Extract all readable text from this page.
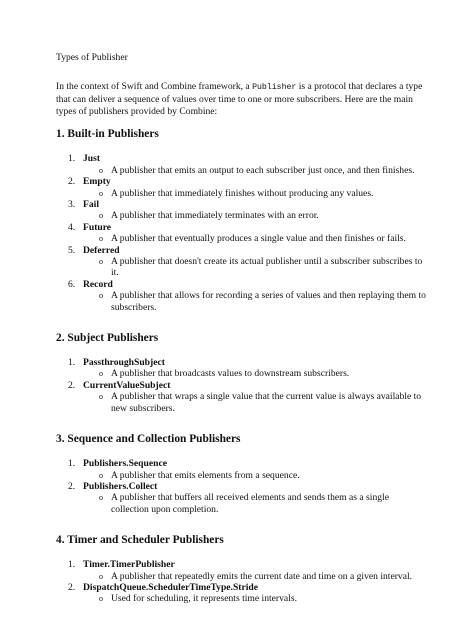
Types of Publisher

In the context of Swift and Combine framework, a Publisher is a protocol that declares a type that can deliver a sequence of values over time to one or more subscribers. Here are the main types of publishers provided by Combine:

1. Built-in Publishers
1. Just
o A publisher that emits an output to each subscriber just once, and then finishes.
2. Empty
o A publisher that immediately finishes without producing any values.
3. Fail
o A publisher that immediately terminates with an error.
4. Future
o A publisher that eventually produces a single value and then finishes or fails.
5. Deferred
o A publisher that doesn't create its actual publisher until a subscriber subscribes to it.
6. Record
o A publisher that allows for recording a series of values and then replaying them to subscribers.
2. Subject Publishers
1. PassthroughSubject
o A publisher that broadcasts values to downstream subscribers.
2. CurrentValueSubject
o A publisher that wraps a single value that the current value is always available to new subscribers.
3. Sequence and Collection Publishers
1. Publishers.Sequence
o A publisher that emits elements from a sequence.
2. Publishers.Collect
o A publisher that buffers all received elements and sends them as a single collection upon completion.
4. Timer and Scheduler Publishers
1. Timer.TimerPublisher
o A publisher that repeatedly emits the current date and time on a given interval.
2. DispatchQueue.SchedulerTimeType.Stride
o Used for scheduling, it represents time intervals.
